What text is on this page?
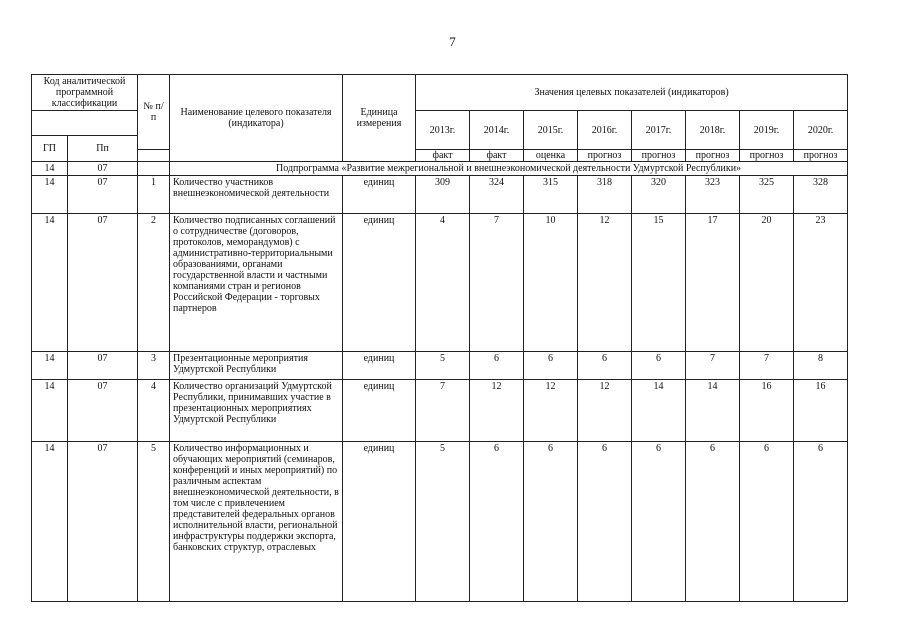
7
Код аналитической программной классификации		№ п/п	Наименование целевого показателя (индикатора)	Единица измерения	Значения целевых показателей (индикаторов)							
					2013г.	2014г.	2015г.	2016г.	2017г.	2018г.	2019г.	2020г.
ГП	Пп											
					факт	факт	оценка	прогноз	прогноз	прогноз	прогноз	прогноз
14	07		Подпрограмма «Развитие межрегиональной и внешнеэкономической деятельности Удмуртской Республики»									
14	07	1	Количество участников внешнеэкономической деятельности	единиц	309	324	315	318	320	323	325	328
14	07	2	Количество подписанных соглашений о сотрудничестве (договоров, протоколов, меморандумов) с административно-территориальными образованиями, органами государственной власти и частными компаниями стран и регионов Российской Федерации - торговых партнеров	единиц	4	7	10	12	15	17	20	23
14	07	3	Презентационные мероприятия Удмуртской Республики	единиц	5	6	6	6	6	7	7	8
14	07	4	Количество организаций Удмуртской Республики, принимавших участие в презентационных мероприятиях Удмуртской Республики	единиц	7	12	12	12	14	14	16	16
14	07	5	Количество информационных и обучающих мероприятий (семинаров, конференций и иных мероприятий) по различным аспектам внешнеэкономической деятельности, в том числе с привлечением представителей федеральных органов исполнительной власти, региональной инфраструктуры поддержки экспорта, банковских структур, отраслевых	единиц	5	6	6	6	6	6	6	6
